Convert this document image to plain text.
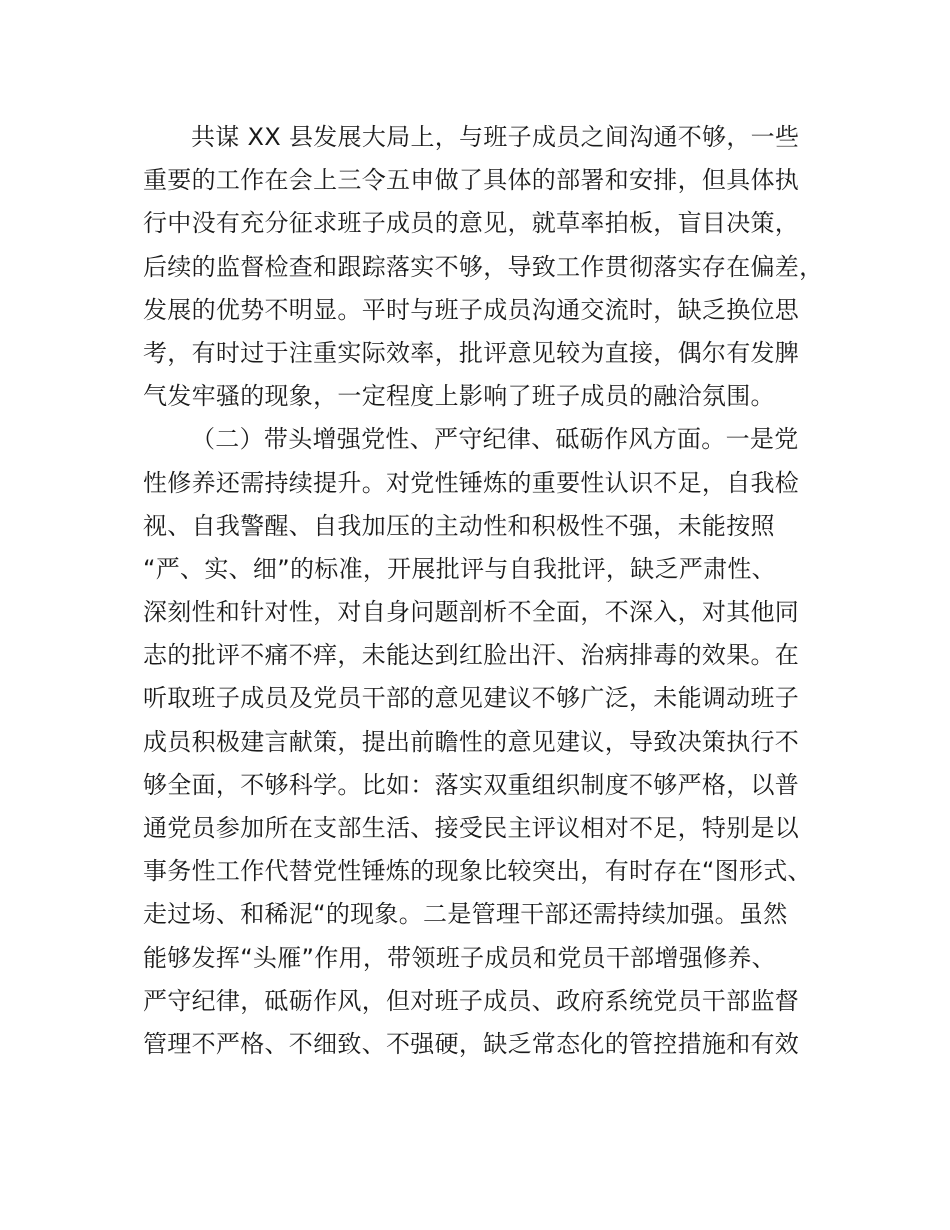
共谋 XX 县发展大局上，与班子成员之间沟通不够，一些
重要的工作在会上三令五申做了具体的部署和安排，但具体执
行中没有充分征求班子成员的意见，就草率拍板，盲目决策，
后续的监督检查和跟踪落实不够，导致工作贯彻落实存在偏差，
发展的优势不明显。平时与班子成员沟通交流时，缺乏换位思
考，有时过于注重实际效率，批评意见较为直接，偶尔有发脾
气发牢骚的现象，一定程度上影响了班子成员的融洽氛围。
（二）带头增强党性、严守纪律、砥砺作风方面。一是党
性修养还需持续提升。对党性锤炼的重要性认识不足，自我检
视、自我警醒、自我加压的主动性和积极性不强，未能按照
“严、实、细”的标准，开展批评与自我批评，缺乏严肃性、
深刻性和针对性，对自身问题剖析不全面，不深入，对其他同
志的批评不痛不痒，未能达到红脸出汗、治病排毒的效果。在
听取班子成员及党员干部的意见建议不够广泛，未能调动班子
成员积极建言献策，提出前瞻性的意见建议，导致决策执行不
够全面，不够科学。比如：落实双重组织制度不够严格，以普
通党员参加所在支部生活、接受民主评议相对不足，特别是以
事务性工作代替党性锤炼的现象比较突出，有时存在“图形式、
走过场、和稀泥“的现象。二是管理干部还需持续加强。虽然
能够发挥“头雁”作用，带领班子成员和党员干部增强修养、
严守纪律，砥砺作风，但对班子成员、政府系统党员干部监督
管理不严格、不细致、不强硬，缺乏常态化的管控措施和有效
